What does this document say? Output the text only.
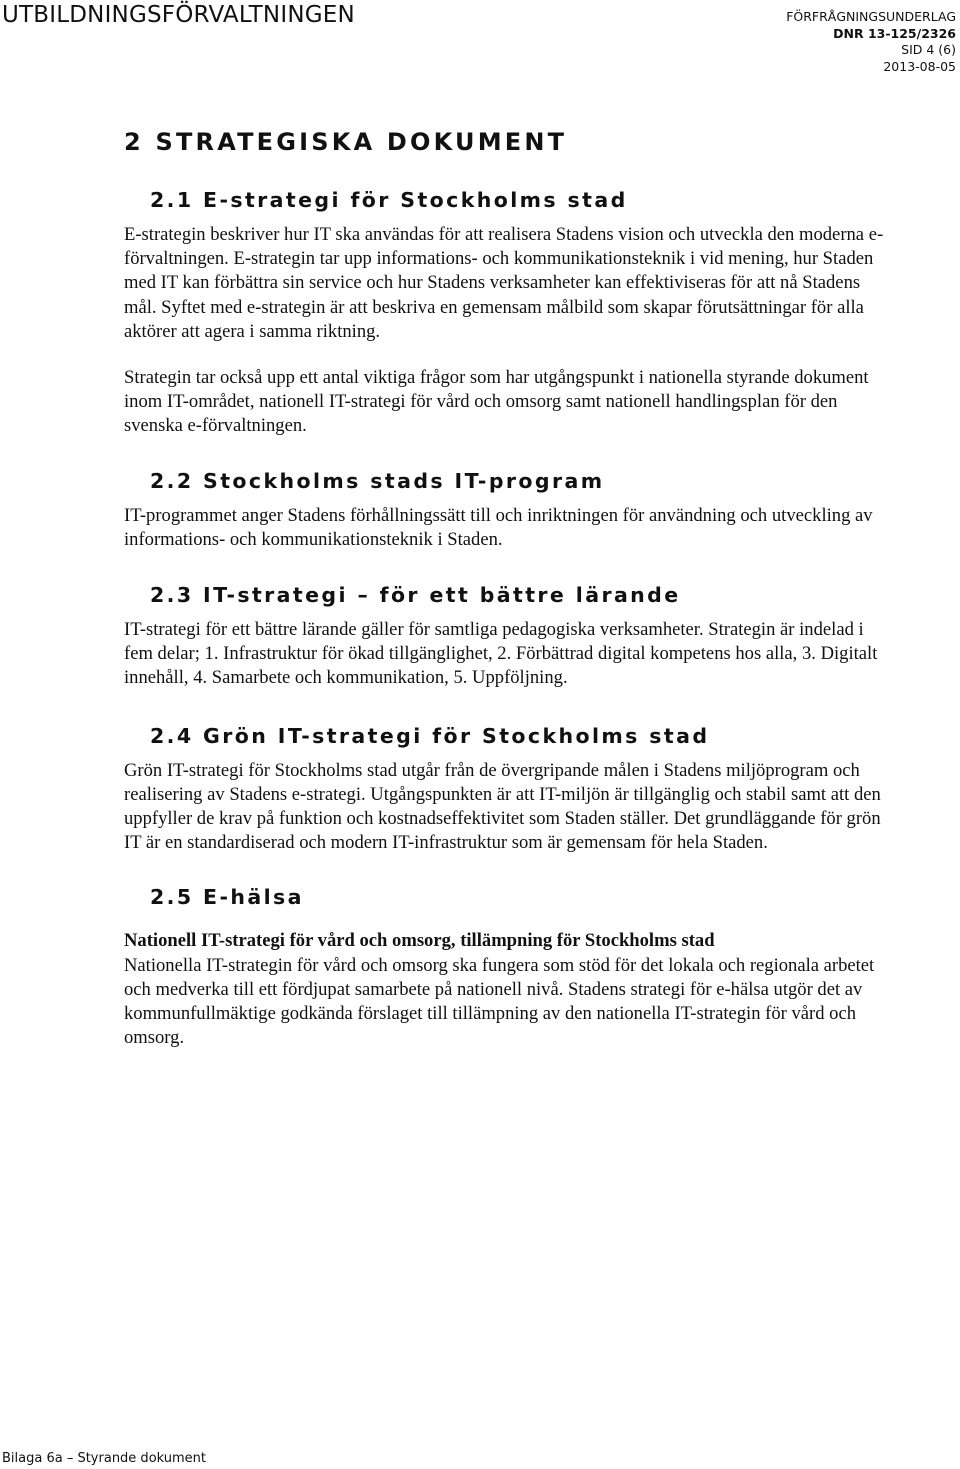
UTBILDNINGSFÖRVALTNINGEN	FÖRFRÅGNINGSUNDERLAG
DNR 13-125/2326
SID 4 (6)
2013-08-05
2 STRATEGISKA DOKUMENT
2.1 E-strategi för Stockholms stad

E-strategin beskriver hur IT ska användas för att realisera Stadens vision och utveckla den moderna e-förvaltningen. E-strategin tar upp informations- och kommunikationsteknik i vid mening, hur Staden med IT kan förbättra sin service och hur Stadens verksamheter kan effektiviseras för att nå Stadens mål. Syftet med e-strategin är att beskriva en gemensam målbild som skapar förutsättningar för alla aktörer att agera i samma riktning.

Strategin tar också upp ett antal viktiga frågor som har utgångspunkt i nationella styrande dokument inom IT-området, nationell IT-strategi för vård och omsorg samt nationell handlingsplan för den svenska e-förvaltningen.

2.2 Stockholms stads IT-program

IT-programmet anger Stadens förhållningssätt till och inriktningen för användning och utveckling av informations- och kommunikationsteknik i Staden.

2.3 IT-strategi – för ett bättre lärande

IT-strategi för ett bättre lärande gäller för samtliga pedagogiska verksamheter. Strategin är indelad i fem delar; 1. Infrastruktur för ökad tillgänglighet, 2. Förbättrad digital kompetens hos alla, 3. Digitalt innehåll, 4. Samarbete och kommunikation, 5. Uppföljning.

2.4 Grön IT-strategi för Stockholms stad

Grön IT-strategi för Stockholms stad utgår från de övergripande målen i Stadens miljöprogram och realisering av Stadens e-strategi. Utgångspunkten är att IT-miljön är tillgänglig och stabil samt att den uppfyller de krav på funktion och kostnadseffektivitet som Staden ställer. Det grundläggande för grön IT är en standardiserad och modern IT-infrastruktur som är gemensam för hela Staden.

2.5 E-hälsa

Nationell IT-strategi för vård och omsorg, tillämpning för Stockholms stad
Nationella IT-strategin för vård och omsorg ska fungera som stöd för det lokala och regionala arbetet och medverka till ett fördjupat samarbete på nationell nivå. Stadens strategi för e-hälsa utgör det av kommunfullmäktige godkända förslaget till tillämpning av den nationella IT-strategin för vård och omsorg.

Bilaga 6a – Styrande dokument
